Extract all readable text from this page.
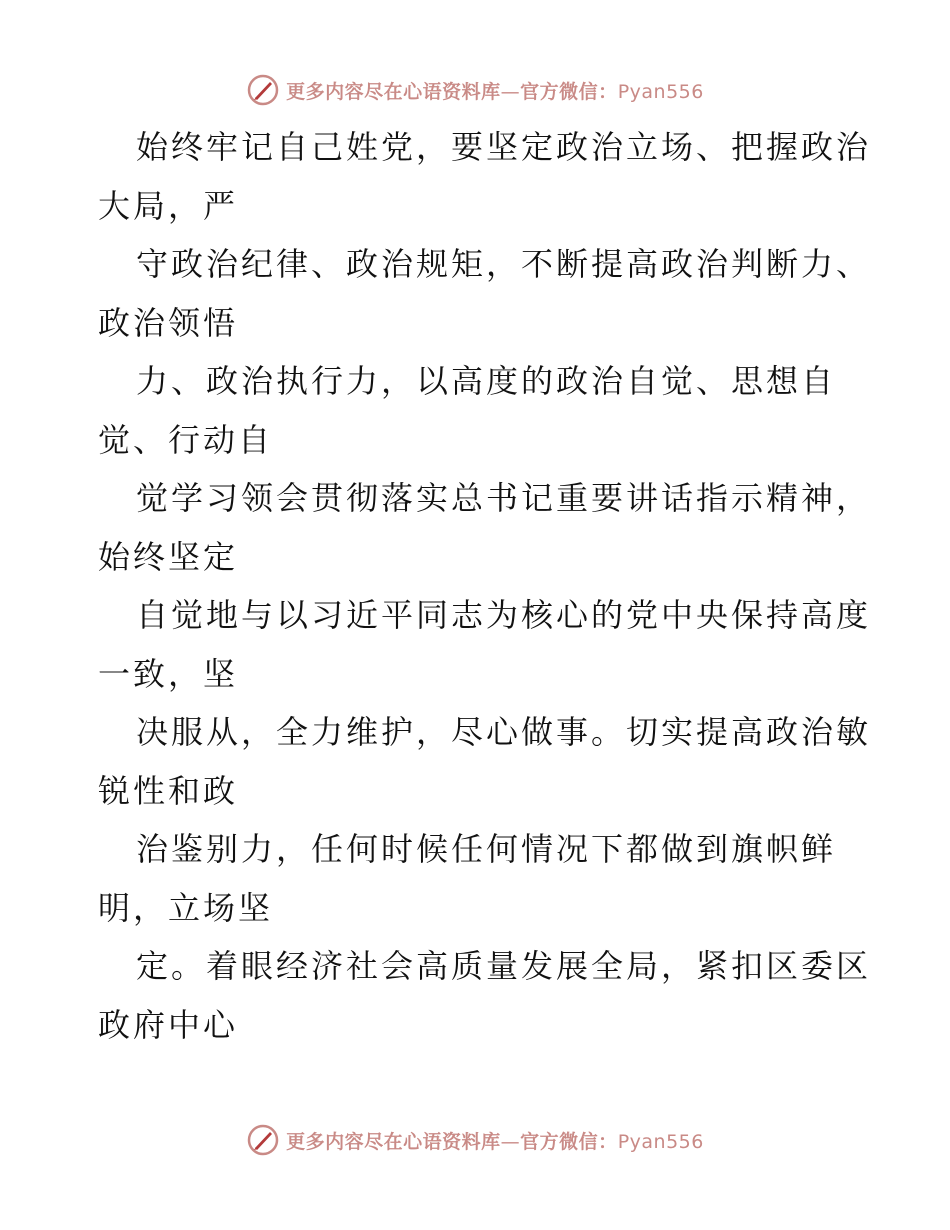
更多内容尽在心语资料库—官方微信：Pyan556
始终牢记自己姓党，要坚定政治立场、把握政治
大局，严
守政治纪律、政治规矩，不断提高政治判断力、
政治领悟
力、政治执行力，以高度的政治自觉、思想自
觉、行动自
觉学习领会贯彻落实总书记重要讲话指示精神，
始终坚定
自觉地与以习近平同志为核心的党中央保持高度
一致，坚
决服从，全力维护，尽心做事。切实提高政治敏
锐性和政
治鉴别力，任何时候任何情况下都做到旗帜鲜
明，立场坚
定。着眼经济社会高质量发展全局，紧扣区委区
政府中心
更多内容尽在心语资料库—官方微信：Pyan556
